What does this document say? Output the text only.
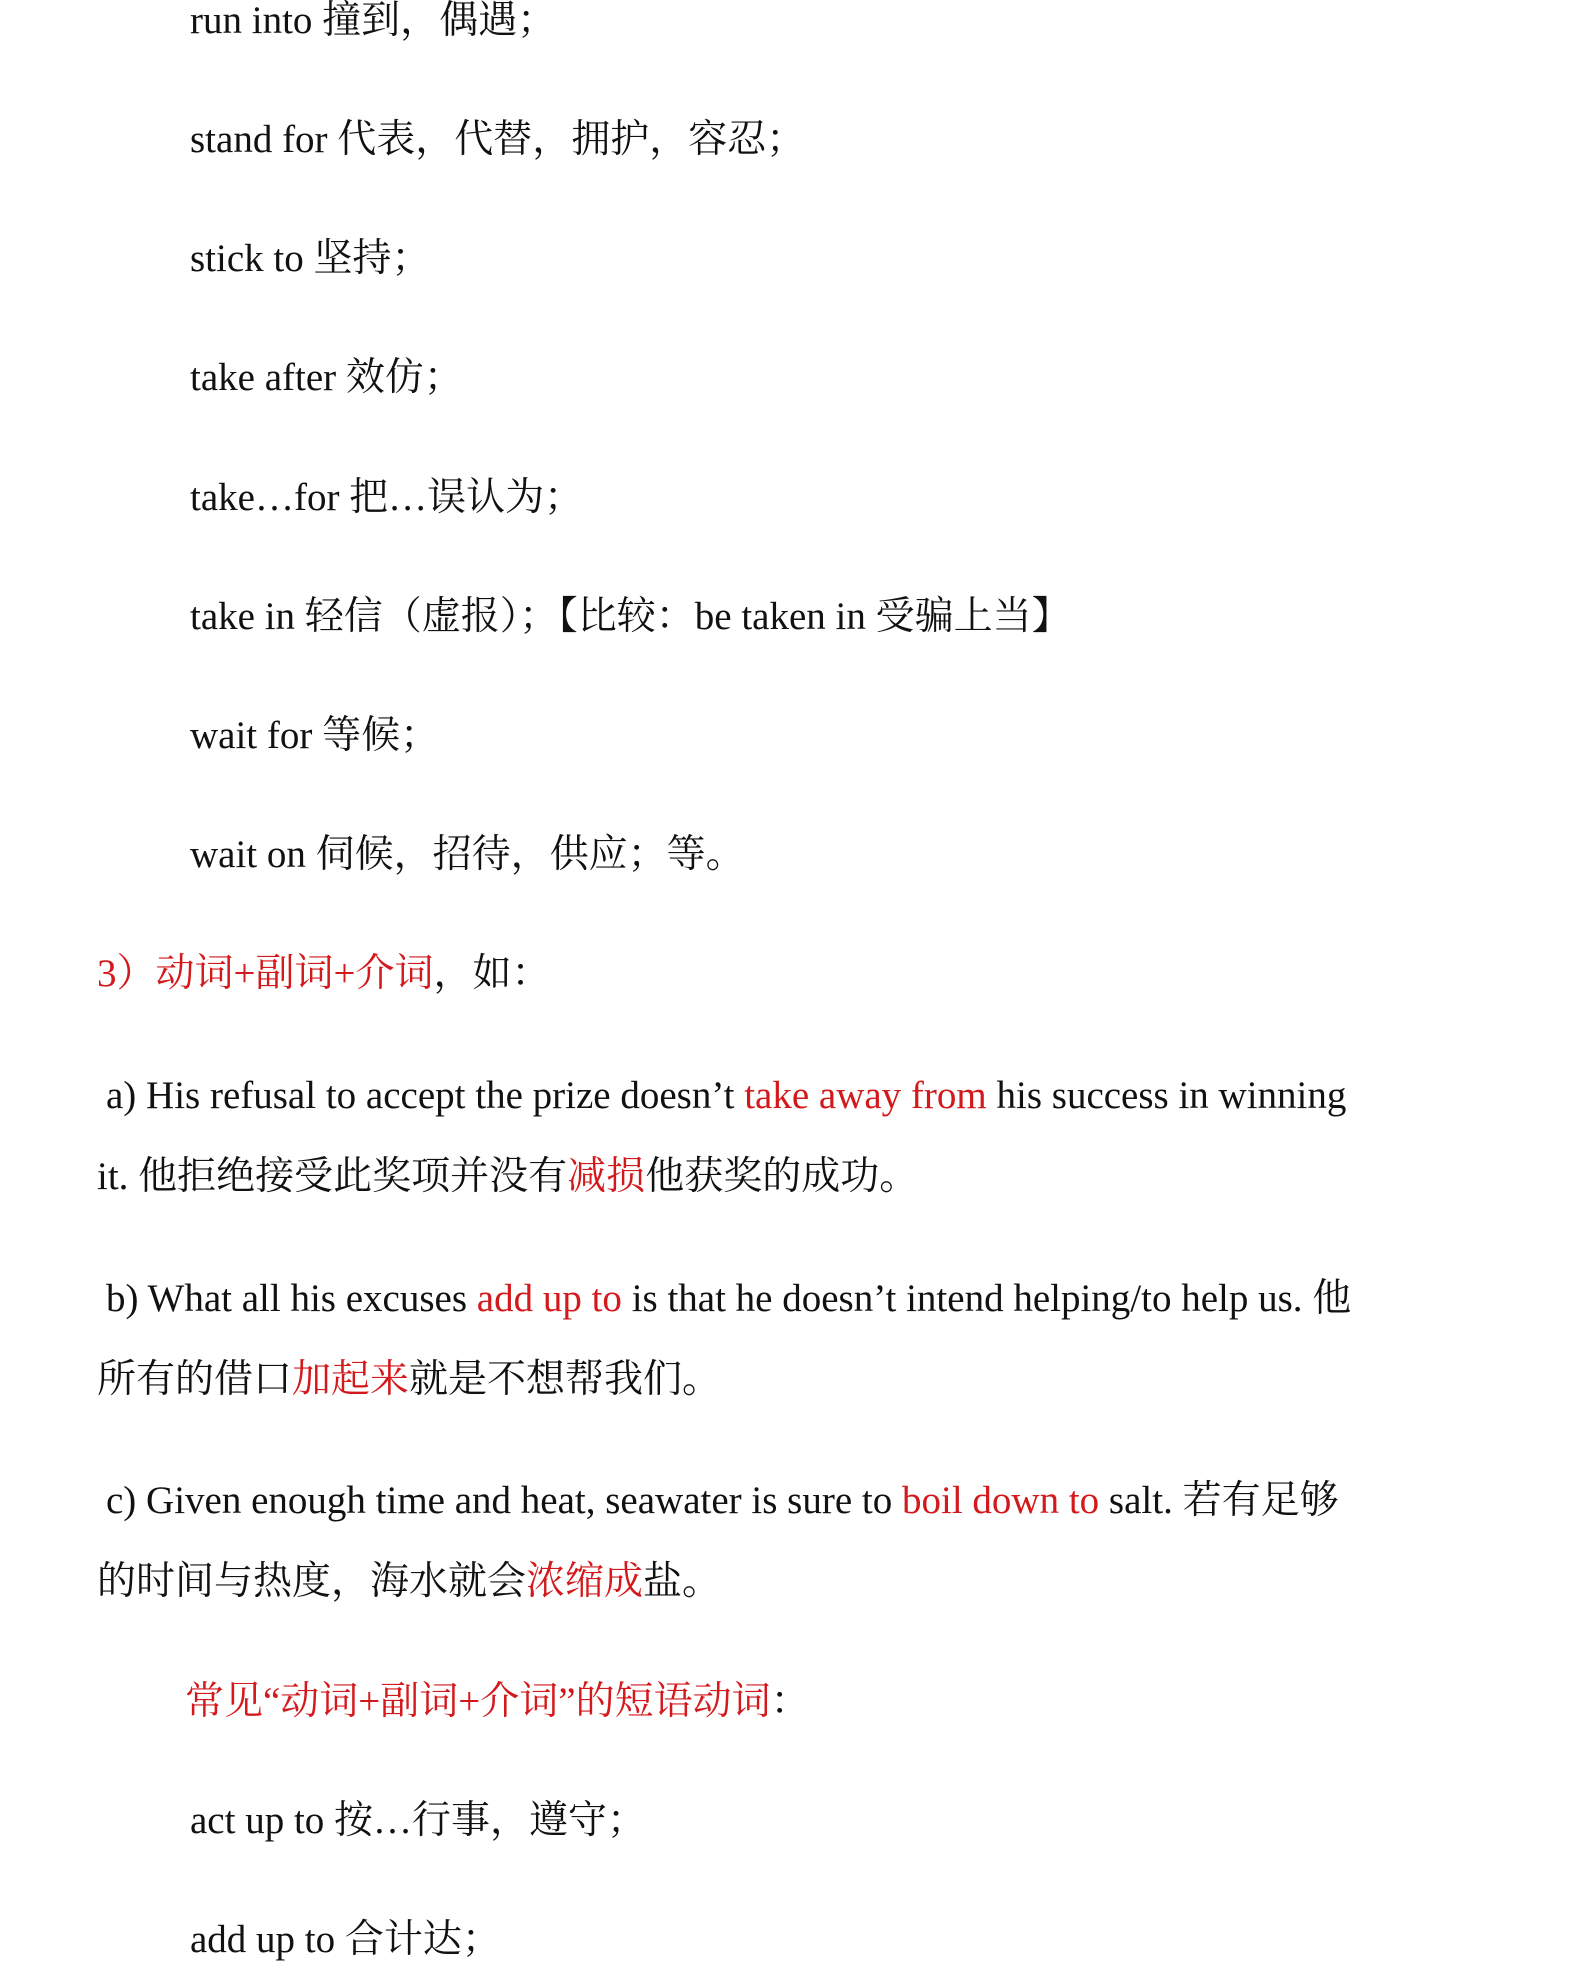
run into 撞到，偶遇；
stand for 代表，代替，拥护，容忍；
stick to 坚持；
take after 效仿；
take…for 把…误认为；
take in 轻信（虚报）；【比较：be taken in 受骗上当】
wait for 等候；
wait on 伺候，招待，供应；等。
3）动词+副词+介词，如：
a) His refusal to accept the prize doesn’t take away from his success in winning
it. 他拒绝接受此奖项并没有减损他获奖的成功。
b) What all his excuses add up to is that he doesn’t intend helping/to help us. 他
所有的借口加起来就是不想帮我们。
c) Given enough time and heat, seawater is sure to boil down to salt. 若有足够
的时间与热度，海水就会浓缩成盐。
常见“动词+副词+介词”的短语动词：
act up to 按…行事，遵守；
add up to 合计达；
